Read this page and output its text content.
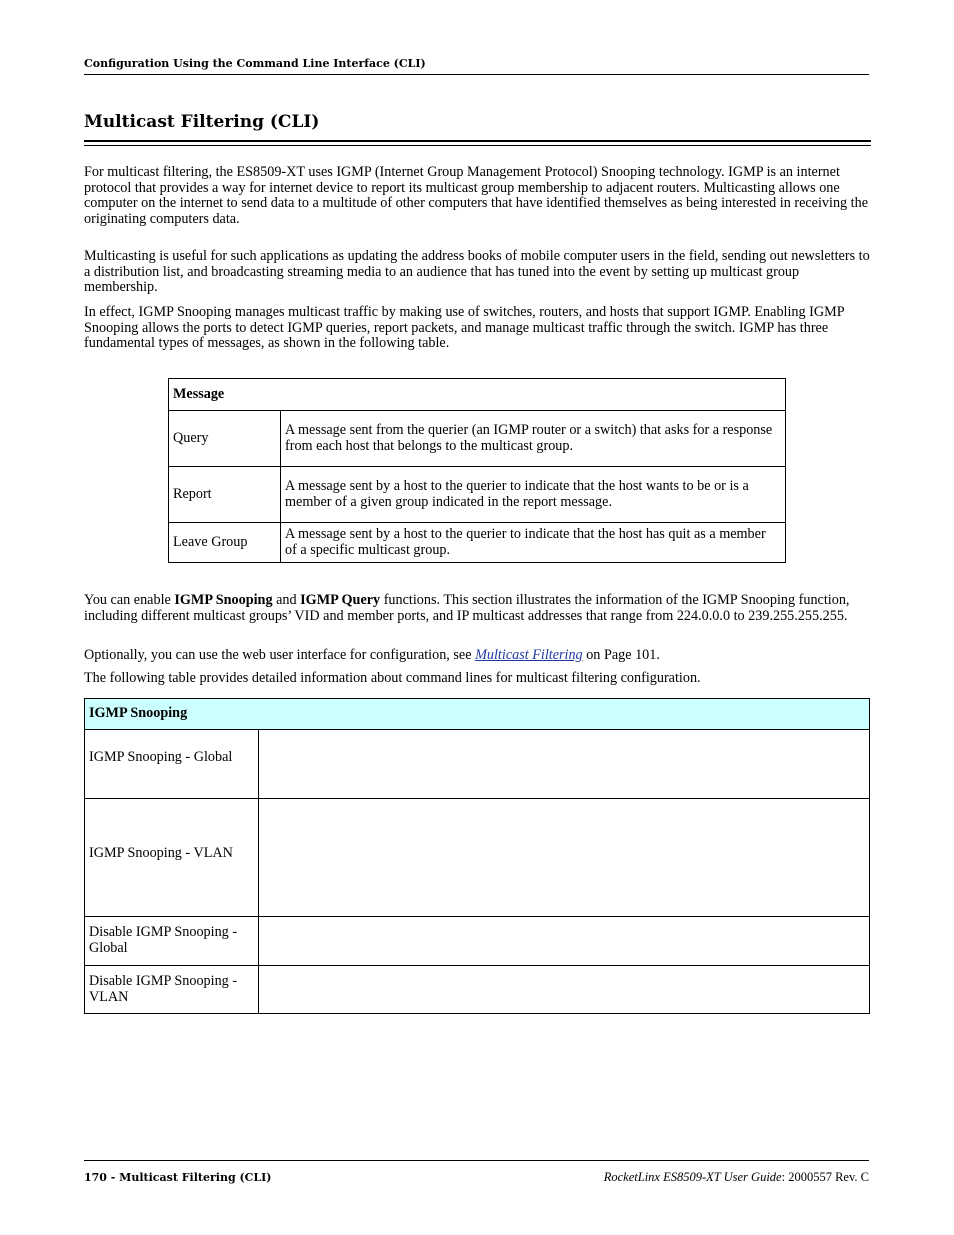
Configuration Using the Command Line Interface (CLI)
Multicast Filtering (CLI)

For multicast filtering, the ES8509-XT uses IGMP (Internet Group Management Protocol) Snooping technology. IGMP is an internet protocol that provides a way for internet device to report its multicast group membership to adjacent routers. Multicasting allows one computer on the internet to send data to a multitude of other computers that have identified themselves as being interested in receiving the originating computers data.

Multicasting is useful for such applications as updating the address books of mobile computer users in the field, sending out newsletters to a distribution list, and broadcasting streaming media to an audience that has tuned into the event by setting up multicast group membership.

In effect, IGMP Snooping manages multicast traffic by making use of switches, routers, and hosts that support IGMP. Enabling IGMP Snooping allows the ports to detect IGMP queries, report packets, and manage multicast traffic through the switch. IGMP has three fundamental types of messages, as shown in the following table.

Message	
Query	A message sent from the querier (an IGMP router or a switch) that asks for a response from each host that belongs to the multicast group.
Report	A message sent by a host to the querier to indicate that the host wants to be or is a member of a given group indicated in the report message.
Leave Group	A message sent by a host to the querier to indicate that the host has quit as a member of a specific multicast group.

You can enable IGMP Snooping and IGMP Query functions. This section illustrates the information of the IGMP Snooping function, including different multicast groups’ VID and member ports, and IP multicast addresses that range from 224.0.0.0 to 239.255.255.255.

Optionally, you can use the web user interface for configuration, see Multicast Filtering on Page 101.

The following table provides detailed information about command lines for multicast filtering configuration.

IGMP Snooping	

IGMP Snooping - Global	

IGMP Snooping - VLAN	

Disable IGMP Snooping - Global	
Disable IGMP Snooping - VLAN	
170 - Multicast Filtering (CLI)	RocketLinx ES8509-XT User Guide: 2000557 Rev. C
